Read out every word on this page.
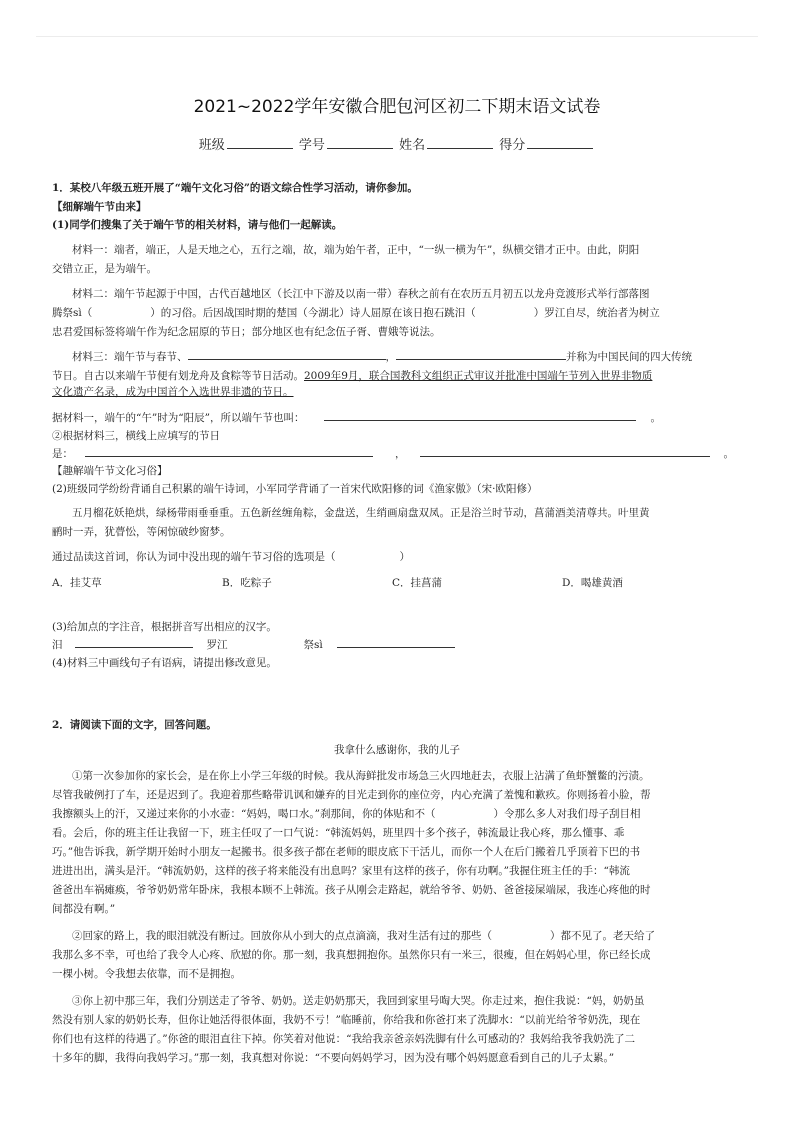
2021~2022学年安徽合肥包河区初二下期末语文试卷
班级	学号	姓名	得分
1．某校八年级五班开展了“端午文化习俗”的语文综合性学习活动，请你参加。
【细解端午节由来】
(1)同学们搜集了关于端午节的相关材料，请与他们一起解读。
材料一：端者，端正，人是天地之心，五行之端，故，端为始午者，正中，“一纵一横为午”，纵横交错才正中。由此，阴阳
交错立正，是为端午。
材料二：端午节起源于中国，古代百越地区（长江中下游及以南一带）春秋之前有在农历五月初五以龙舟竞渡形式举行部落图
腾祭sì（	）的习俗。后因战国时期的楚国（今湖北）诗人屈原在该日抱石跳汨（	）罗江自尽，统治者为树立
忠君爱国标签将端午作为纪念屈原的节日；部分地区也有纪念伍子胥、曹娥等说法。
材料三：端午节与春节、	，	并称为中国民间的四大传统
节日。自古以来端午节便有划龙舟及食粽等节日活动。2009年9月，联合国教科文组织正式审议并批准中国端午节列入世界非物质
文化遗产名录，成为中国首个入选世界非遗的节日。
据材料一，端午的“午”时为“阳辰”，所以端午节也叫：	。
②根据材料三，横线上应填写的节日
是：	，	。
【趣解端午节文化习俗】
(2)班级同学纷纷背诵自己积累的端午诗词，小军同学背诵了一首宋代欧阳修的词《渔家傲》（宋·欧阳修）
五月榴花妖艳烘，绿杨带雨垂垂重。五色新丝缠角粽，金盘送，生绡画扇盘双凤。正是浴兰时节动，菖蒲酒美清尊共。叶里黄
鹂时一弄，犹瞢忪，等闲惊破纱窗梦。
通过品读这首词，你认为词中没出现的端午节习俗的选项是（	）
A．挂艾草	B．吃粽子	C．挂菖蒲	D．喝雄黄酒
(3)给加点的字注音，根据拼音写出相应的汉字。
汨	罗江	祭sì
(4)材料三中画线句子有语病，请提出修改意见。
2．请阅读下面的文字，回答问题。
我拿什么感谢你，我的儿子
①第一次参加你的家长会，是在你上小学三年级的时候。我从海鲜批发市场急三火四地赶去，衣服上沾满了鱼虾蟹鳖的污渍。
尽管我破例打了车，还是迟到了。我迎着那些略带讥讽和嫌弃的目光走到你的座位旁，内心充满了羞愧和歉疚。你则扬着小脸，帮
我擦额头上的汗，又递过来你的小水壶：“妈妈，喝口水。”刹那间，你的体贴和不（	）令那么多人对我们母子刮目相
看。会后，你的班主任让我留一下，班主任叹了一口气说：“韩流妈妈，班里四十多个孩子，韩流最让我心疼，那么懂事、乖
巧。”他告诉我，新学期开始时小朋友一起搬书。很多孩子都在老师的眼皮底下干活儿，而你一个人在后门搬着几乎顶着下巴的书
进进出出，满头是汗。“韩流奶奶，这样的孩子将来能没有出息吗？家里有这样的孩子，你有功啊。”我握住班主任的手：“韩流
爸爸出车祸瘫痪，爷爷奶奶常年卧床，我根本顾不上韩流。孩子从刚会走路起，就给爷爷、奶奶、爸爸接屎端尿，我连心疼他的时
间都没有啊。”
②回家的路上，我的眼泪就没有断过。回放你从小到大的点点滴滴，我对生活有过的那些（	）都不见了。老天给了
我那么多不幸，可也给了我令人心疼、欣慰的你。那一刻，我真想拥抱你。虽然你只有一米三，很瘦，但在妈妈心里，你已经长成
一棵小树。令我想去依靠，而不是拥抱。
③你上初中那三年，我们分别送走了爷爷、奶奶。送走奶奶那天，我回到家里号啕大哭。你走过来，抱住我说：“妈，奶奶虽
然没有别人家的奶奶长寿，但你让她活得很体面，我奶不亏！”临睡前，你给我和你爸打来了洗脚水：“以前光给爷爷奶洗，现在
你们也有这样的待遇了。”你爸的眼泪直往下掉。你笑着对他说：“我给我亲爸亲妈洗脚有什么可感动的？我妈给我爷我奶洗了二
十多年的脚，我得向我妈学习。”那一刻，我真想对你说：“不要向妈妈学习，因为没有哪个妈妈愿意看到自己的儿子太累。”
